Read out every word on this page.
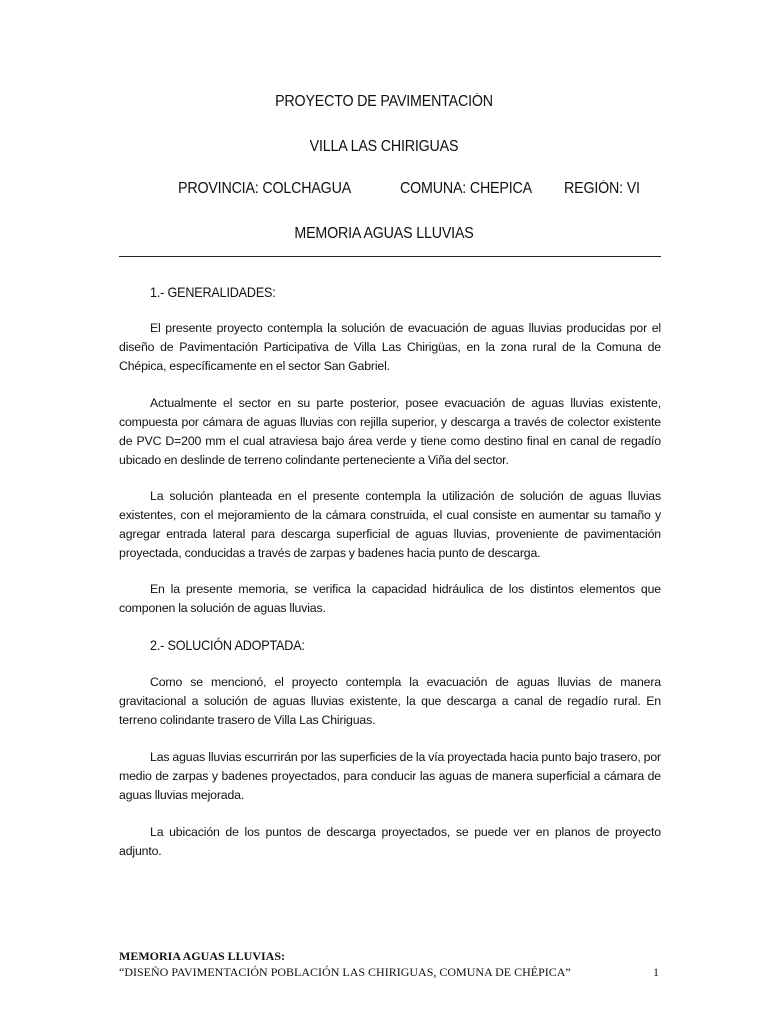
PROYECTO DE PAVIMENTACIÓN
VILLA LAS CHIRIGUAS
PROVINCIA: COLCHAGUA	COMUNA: CHEPICA REGIÓN: VI
MEMORIA AGUAS LLUVIAS
1.- GENERALIDADES:
El presente proyecto contempla la solución de evacuación de aguas lluvias producidas por el diseño de Pavimentación Participativa de Villa Las Chirigüas, en la zona rural de la Comuna de Chépica, específicamente en el sector San Gabriel.
Actualmente el sector en su parte posterior, posee evacuación de aguas lluvias existente, compuesta por cámara de aguas lluvias con rejilla superior, y descarga a través de colector existente de PVC D=200 mm el cual atraviesa bajo área verde y tiene como destino final en canal de regadío ubicado en deslinde de terreno colindante perteneciente a Viña del sector.
La solución planteada en el presente contempla la utilización de solución de aguas lluvias existentes, con el mejoramiento de la cámara construida, el cual consiste en aumentar su tamaño y agregar entrada lateral para descarga superficial de aguas lluvias, proveniente de pavimentación proyectada, conducidas a través de zarpas y badenes hacia punto de descarga.
En la presente memoria, se verifica la capacidad hidráulica de los distintos elementos que componen la solución de aguas lluvias.
2.- SOLUCIÓN ADOPTADA:
Como se mencionó, el proyecto contempla la evacuación de aguas lluvias de manera gravitacional a solución de aguas lluvias existente, la que descarga a canal de regadío rural. En terreno colindante trasero de Villa Las Chiriguas.
Las aguas lluvias escurrirán por las superficies de la vía proyectada hacia punto bajo trasero, por medio de zarpas y badenes proyectados, para conducir las aguas de manera superficial a cámara de aguas lluvias mejorada.
La ubicación de los puntos de descarga proyectados, se puede ver en planos de proyecto adjunto.
MEMORIA AGUAS LLUVIAS:
“DISEÑO PAVIMENTACIÓN POBLACIÓN LAS CHIRIGUAS, COMUNA DE CHÉPICA”	1
